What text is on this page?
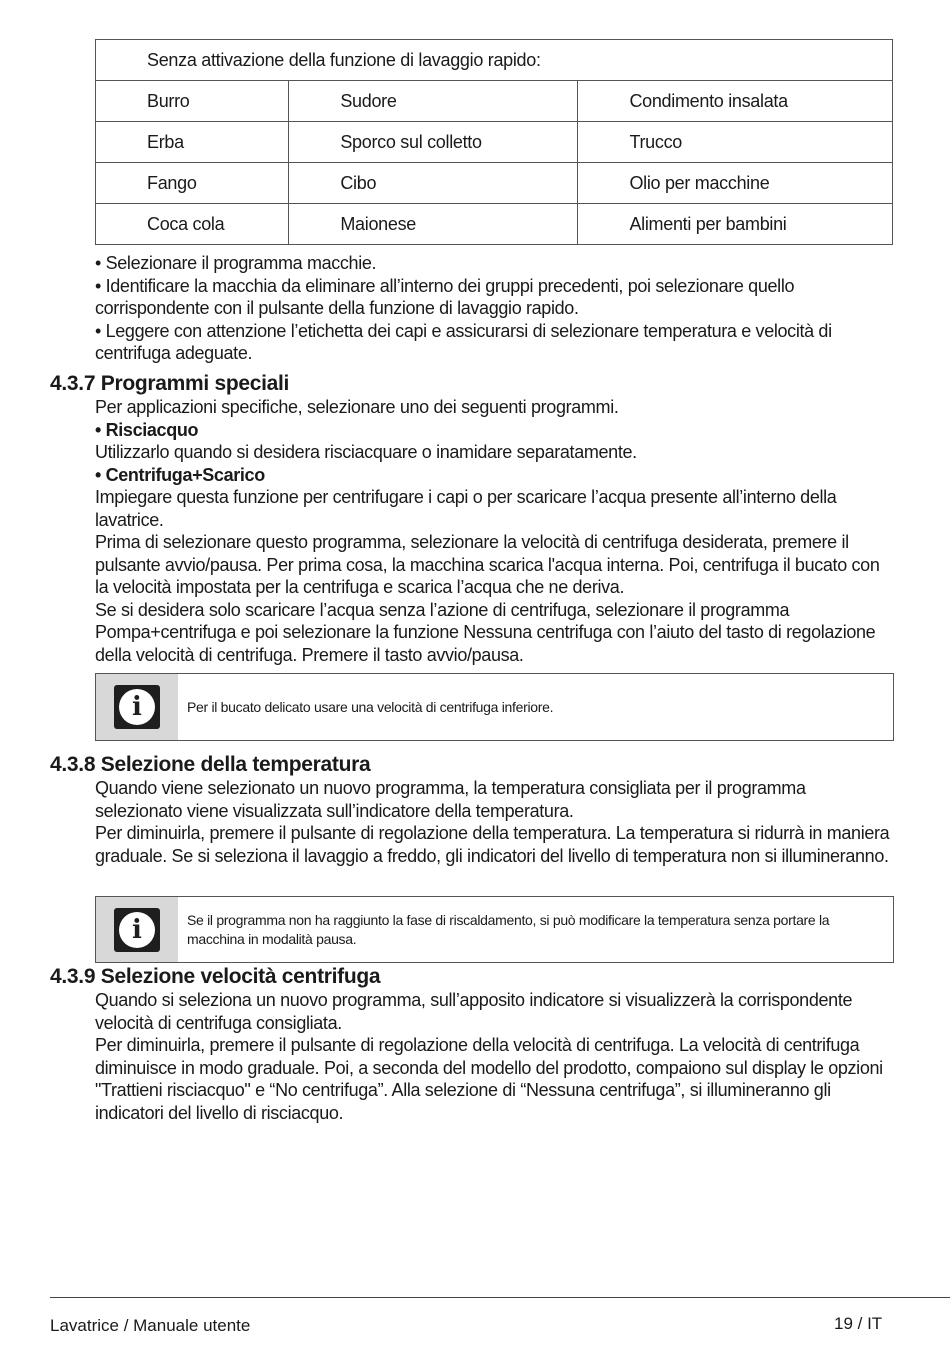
Senza attivazione della funzione di lavaggio rapido:		
Burro	Sudore	Condimento insalata
Erba	Sporco sul colletto	Trucco
Fango	Cibo	Olio per macchine
Coca cola	Maionese	Alimenti per bambini

• Selezionare il programma macchie.

• Identificare la macchia da eliminare all’interno dei gruppi precedenti, poi selezionare quello corrispondente con il pulsante della funzione di lavaggio rapido.

• Leggere con attenzione l’etichetta dei capi e assicurarsi di selezionare temperatura e velocità di centrifuga adeguate.

4.3.7 Programmi speciali

Per applicazioni specifiche, selezionare uno dei seguenti programmi.

• Risciacquo

Utilizzarlo quando si desidera risciacquare o inamidare separatamente.

• Centrifuga+Scarico

Impiegare questa funzione per centrifugare i capi o per scaricare l’acqua presente all’interno della lavatrice.

Prima di selezionare questo programma, selezionare la velocità di centrifuga desiderata, premere il pulsante avvio/pausa. Per prima cosa, la macchina scarica l'acqua interna. Poi, centrifuga il bucato con la velocità impostata per la centrifuga e scarica l’acqua che ne deriva.

Se si desidera solo scaricare l’acqua senza l’azione di centrifuga, selezionare il programma Pompa+centrifuga e poi selezionare la funzione Nessuna centrifuga con l’aiuto del tasto di regolazione della velocità di centrifuga. Premere il tasto avvio/pausa.

i	Per il bucato delicato usare una velocità di centrifuga inferiore.
4.3.8 Selezione della temperatura

Quando viene selezionato un nuovo programma, la temperatura consigliata per il programma selezionato viene visualizzata sull’indicatore della temperatura.

Per diminuirla, premere il pulsante di regolazione della temperatura. La temperatura si ridurrà in maniera graduale. Se si seleziona il lavaggio a freddo, gli indicatori del livello di temperatura non si illumineranno.

i	Se il programma non ha raggiunto la fase di riscaldamento, si può modificare la temperatura senza portare la macchina in modalità pausa.
4.3.9 Selezione velocità centrifuga

Quando si seleziona un nuovo programma, sull’apposito indicatore si visualizzerà la corrispondente velocità di centrifuga consigliata.

Per diminuirla, premere il pulsante di regolazione della velocità di centrifuga. La velocità di centrifuga diminuisce in modo graduale. Poi, a seconda del modello del prodotto, compaiono sul display le opzioni "Trattieni risciacquo" e “No centrifuga”. Alla selezione di “Nessuna centrifuga”, si illumineranno gli indicatori del livello di risciacquo.

Lavatrice / Manuale utente	19 / IT
